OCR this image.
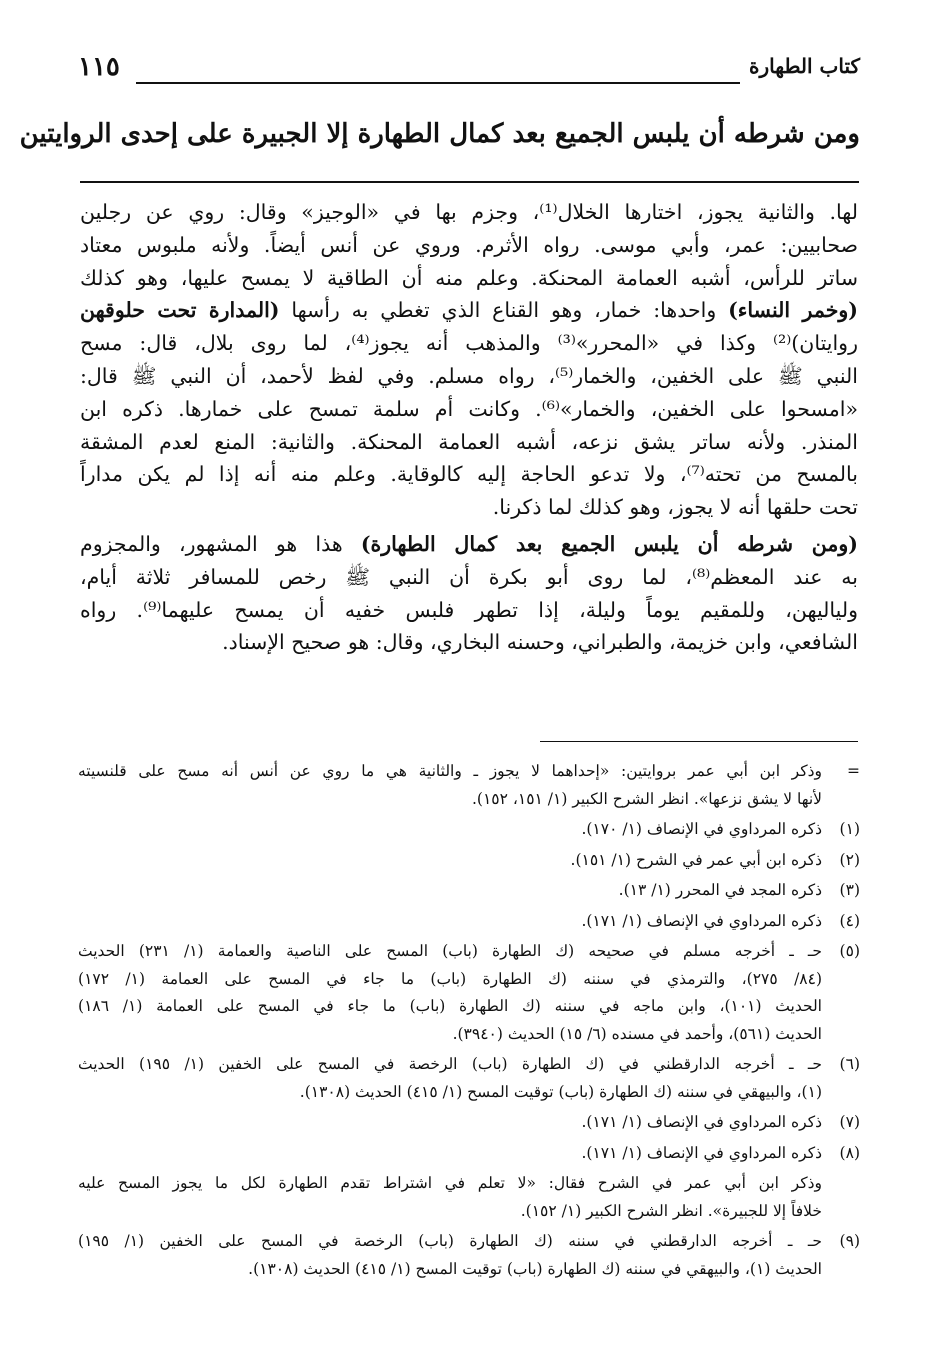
كتاب الطهارة
١١٥
ومن شرطه أن يلبس الجميع بعد كمال الطهارة إلا الجبيرة على إحدى الروايتين

لها. والثانية يجوز، اختارها الخلال⁽¹⁾، وجزم بها في «الوجيز» وقال: روي عن رجلين
صحابيين: عمر، وأبي موسى. رواه الأثرم. وروي عن أنس أيضاً. ولأنه ملبوس معتاد
ساتر للرأس، أشبه العمامة المحنكة. وعلم منه أن الطاقية لا يمسح عليها، وهو كذلك
(وخمر النساء) واحدها: خمار، وهو القناع الذي تغطي به رأسها (المدارة تحت حلوقهن
روايتان)⁽²⁾ وكذا في «المحرر»⁽³⁾ والمذهب أنه يجوز⁽⁴⁾، لما روى بلال، قال: مسح
النبي ﷺ على الخفين، والخمار⁽⁵⁾، رواه مسلم. وفي لفظ لأحمد، أن النبي ﷺ قال:
«امسحوا على الخفين، والخمار»⁽⁶⁾. وكانت أم سلمة تمسح على خمارها. ذكره ابن
المنذر. ولأنه ساتر يشق نزعه، أشبه العمامة المحنكة. والثانية: المنع لعدم المشقة
بالمسح من تحته⁽⁷⁾، ولا تدعو الحاجة إليه كالوقاية. وعلم منه أنه إذا لم يكن مداراً
تحت حلقها أنه لا يجوز، وهو كذلك لما ذكرنا.

(ومن شرطه أن يلبس الجميع بعد كمال الطهارة) هذا هو المشهور، والمجزوم
به عند المعظم⁽⁸⁾، لما روى أبو بكرة أن النبي ﷺ رخص للمسافر ثلاثة أيام،
ولياليهن، وللمقيم يوماً وليلة، إذا تطهر فلبس خفيه أن يمسح عليهما⁽⁹⁾. رواه
الشافعي، وابن خزيمة، والطبراني، وحسنه البخاري، وقال: هو صحيح الإسناد.

=
وذكر ابن أبي عمر بروايتين: «إحداهما لا يجوز ـ والثانية هي ما روي عن أنس أنه مسح على قلنسيته
لأنها لا يشق نزعها». انظر الشرح الكبير (١/ ١٥١، ١٥٢).
(١)
ذكره المرداوي في الإنصاف (١/ ١٧٠).
(٢)
ذكره ابن أبي عمر في الشرح (١/ ١٥١).
(٣)
ذكره المجد في المحرر (١/ ١٣).
(٤)
ذكره المرداوي في الإنصاف (١/ ١٧١).
(٥)
حـ ـ أخرجه مسلم في صحيحه (ك الطهارة (باب) المسح على الناصية والعمامة (١/ ٢٣١) الحديث
(٨٤/ ٢٧٥)، والترمذي في سننه (ك الطهارة (باب) ما جاء في المسح على العمامة (١/ ١٧٢)
الحديث (١٠١)، وابن ماجه في سننه (ك الطهارة (باب) ما جاء في المسح على العمامة (١/ ١٨٦)
الحديث (٥٦١)، وأحمد في مسنده (٦/ ١٥) الحديث (٣٩٤٠).
(٦)
حـ ـ أخرجه الدارقطني في (ك الطهارة (باب) الرخصة في المسح على الخفين (١/ ١٩٥) الحديث
(١)، والبيهقي في سننه (ك الطهارة (باب) توقيت المسح (١/ ٤١٥) الحديث (١٣٠٨).
(٧)
ذكره المرداوي في الإنصاف (١/ ١٧١).
(٨)
ذكره المرداوي في الإنصاف (١/ ١٧١).
وذكر ابن أبي عمر في الشرح فقال: «لا تعلم في اشتراط تقدم الطهارة لكل ما يجوز المسح عليه
خلافاً إلا للجبيرة». انظر الشرح الكبير (١/ ١٥٢).
(٩)
حـ ـ أخرجه الدارقطني في سننه (ك الطهارة (باب) الرخصة في المسح على الخفين (١/ ١٩٥)
الحديث (١)، والبيهقي في سننه (ك الطهارة (باب) توقيت المسح (١/ ٤١٥) الحديث (١٣٠٨).
